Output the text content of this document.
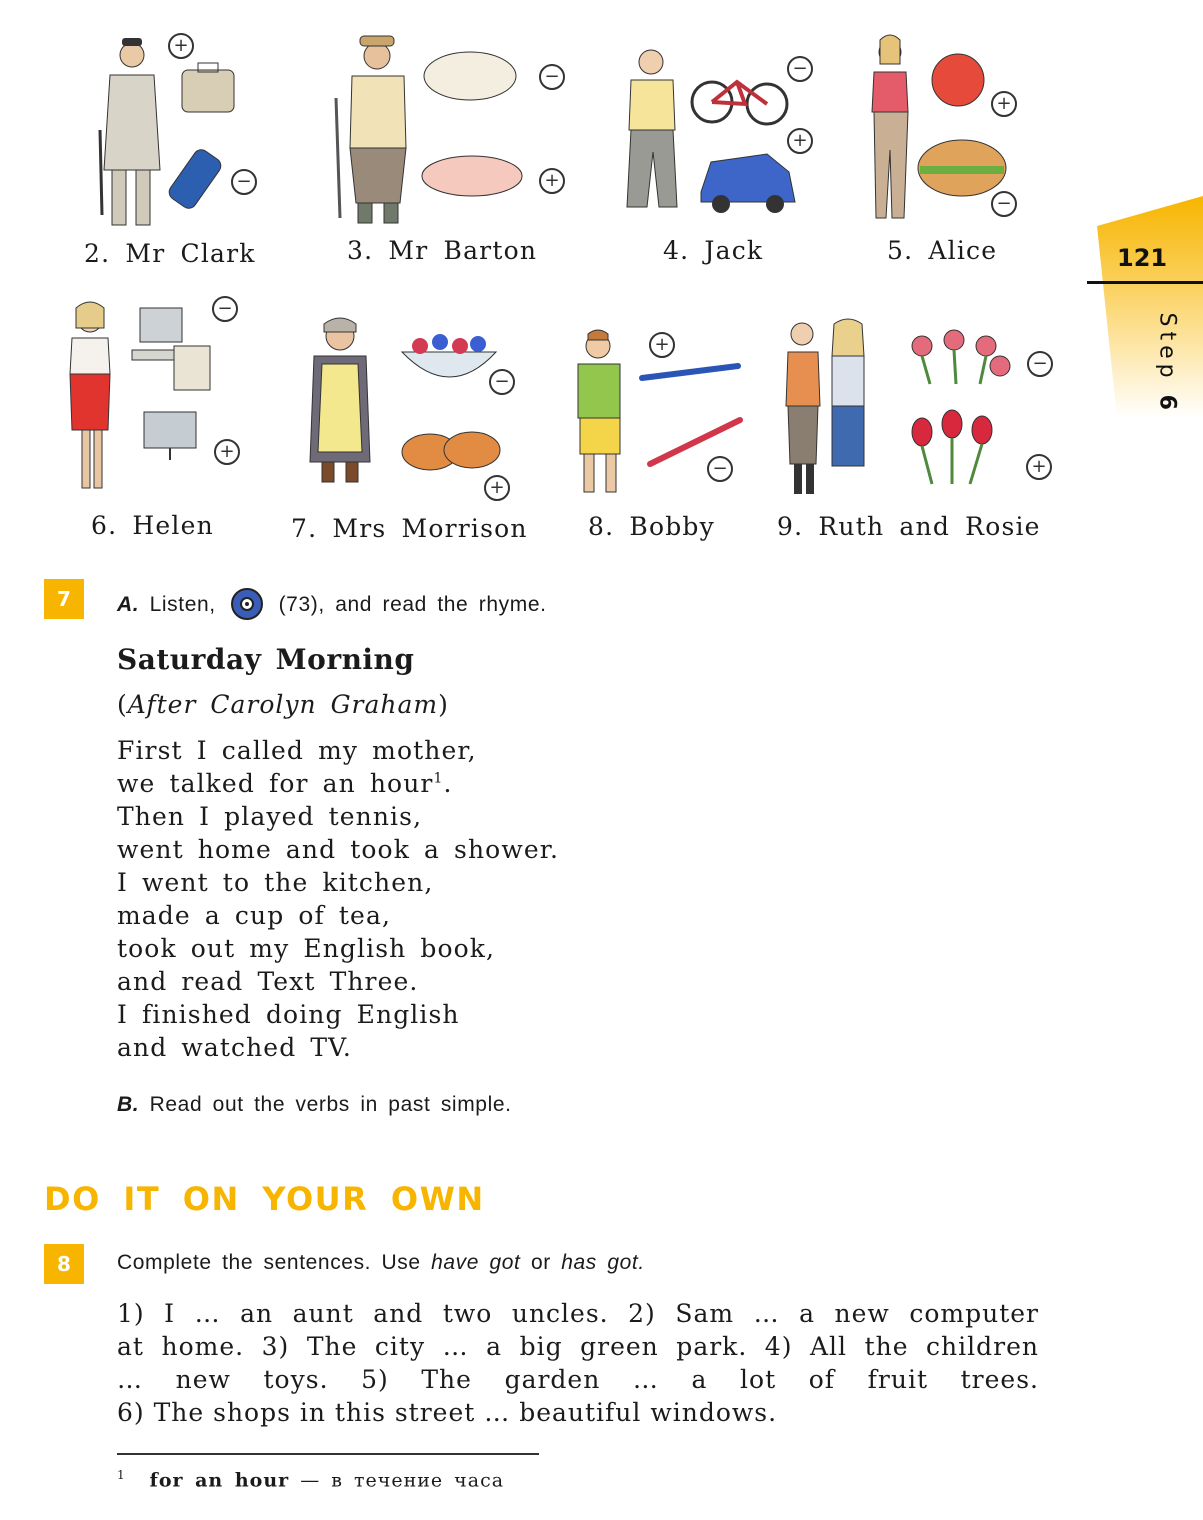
+
−
2. Mr Clark
−
+
3. Mr Barton
−
+
4. Jack
+
−
5. Alice
−
+
6. Helen
−
+
7. Mrs Morrison
+
−
8. Bobby
−
+
9. Ruth and Rosie
121
Step 6
7	A. Listen,	(73), and read the rhyme.
Saturday Morning
(After Carolyn Graham)
First I called my mother,
we talked for an hour$^1$.
Then I played tennis,
went home and took a shower.
I went to the kitchen,
made a cup of tea,
took out my English book,
and read Text Three.
I finished doing English
and watched TV.
B. Read out the verbs in past simple.
DO IT ON YOUR OWN
8	Complete the sentences. Use have got or has got.
1) I … an aunt and two uncles. 2) Sam … a new computer
at home. 3) The city … a big green park. 4) All the children
… new toys. 5) The garden … a lot of fruit trees.
6) The shops in this street … beautiful windows.
$^1$ for an hour — в течение часа
